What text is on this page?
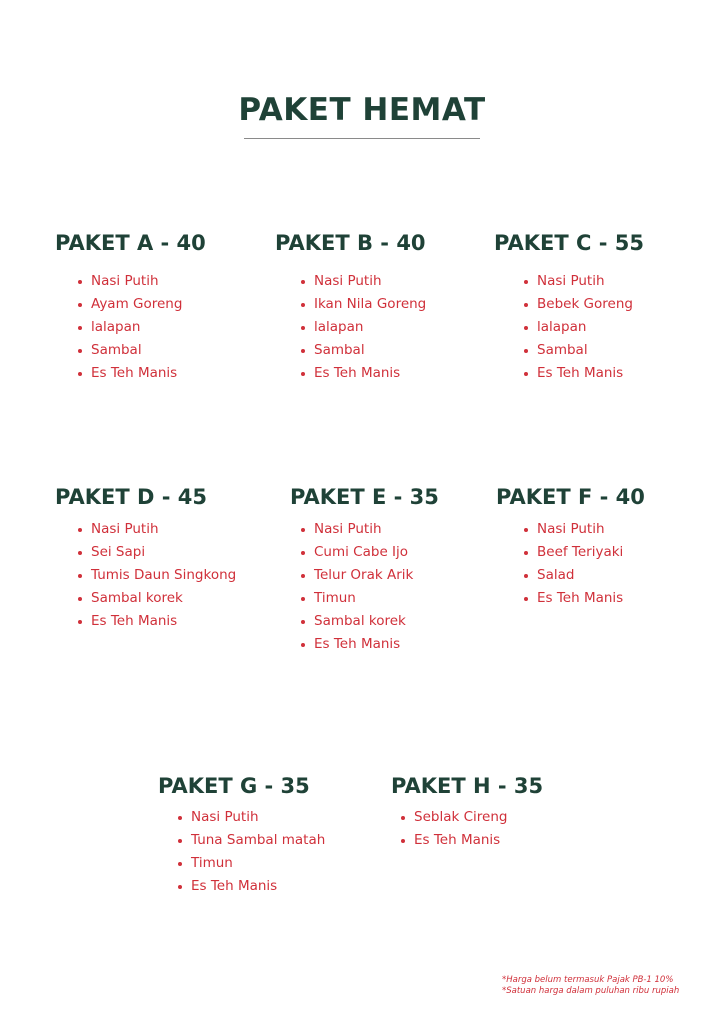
PAKET HEMAT
PAKET A - 40
Nasi Putih
Ayam Goreng
lalapan
Sambal
Es Teh Manis
PAKET B - 40
Nasi Putih
Ikan Nila Goreng
lalapan
Sambal
Es Teh Manis
PAKET C - 55
Nasi Putih
Bebek Goreng
lalapan
Sambal
Es Teh Manis
PAKET D - 45
Nasi Putih
Sei Sapi
Tumis Daun Singkong
Sambal korek
Es Teh Manis
PAKET E - 35
Nasi Putih
Cumi Cabe Ijo
Telur Orak Arik
Timun
Sambal korek
Es Teh Manis
PAKET F - 40
Nasi Putih
Beef Teriyaki
Salad
Es Teh Manis
PAKET G - 35
Nasi Putih
Tuna Sambal matah
Timun
Es Teh Manis
PAKET H - 35
Seblak Cireng
Es Teh Manis
*Harga belum termasuk Pajak PB-1 10%
*Satuan harga dalam puluhan ribu rupiah
